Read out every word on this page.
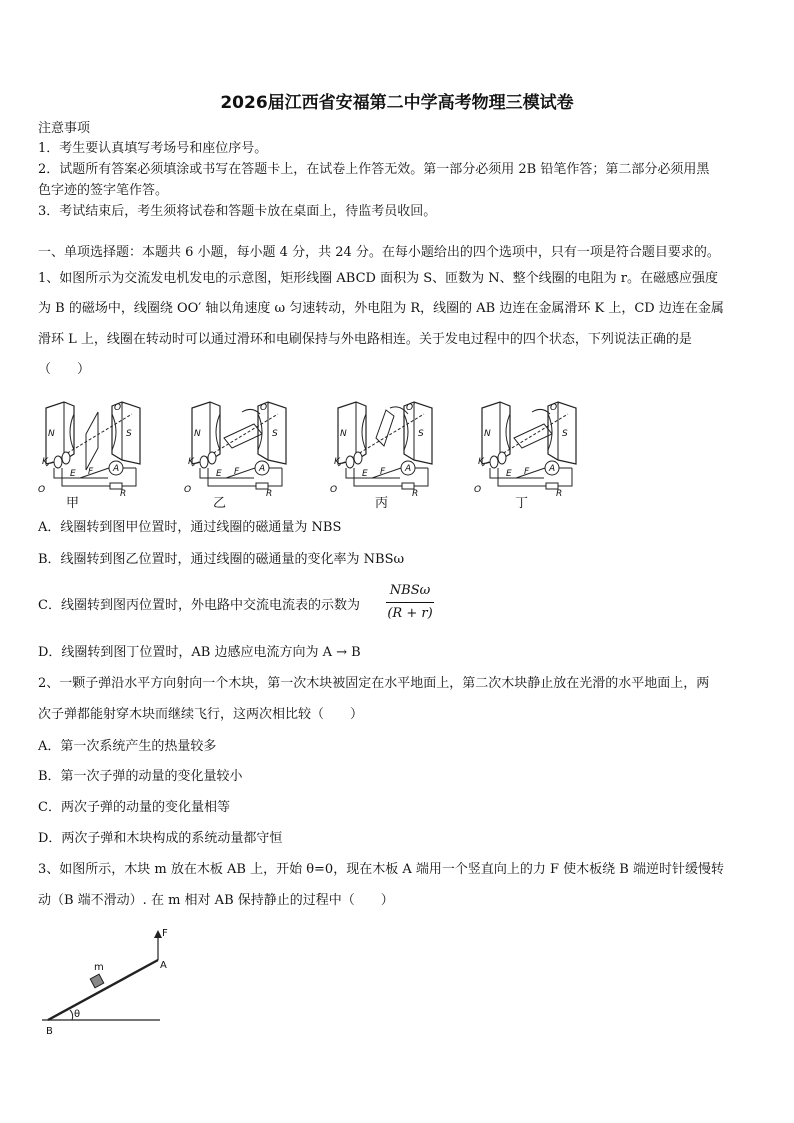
2026届江西省安福第二中学高考物理三模试卷
注意事项
1．考生要认真填写考场号和座位序号。
2．试题所有答案必须填涂或书写在答题卡上，在试卷上作答无效。第一部分必须用 2B 铅笔作答；第二部分必须用黑
色字迹的签字笔作答。
3．考试结束后，考生须将试卷和答题卡放在桌面上，待监考员收回。
一、单项选择题：本题共 6 小题，每小题 4 分，共 24 分。在每小题给出的四个选项中，只有一项是符合题目要求的。
1、如图所示为交流发电机发电的示意图，矩形线圈 ABCD 面积为 S、匝数为 N、整个线圈的电阻为 r。在磁感应强度
为 B 的磁场中，线圈绕 OO′ 轴以角速度 ω 匀速转动，外电阻为 R，线圈的 AB 边连在金属滑环 K 上，CD 边连在金属
滑环 L 上，线圈在转动时可以通过滑环和电刷保持与外电路相连。关于发电过程中的四个状态，下列说法正确的是
（　　）
N	S
O
O′
K
E F
R
A
N	S
O
O′
K
E F
R
A
N	S
O
O′
K
E F
R
A
N	S
O
O′
K
E F
R
A
甲	乙	丙	丁
A．线圈转到图甲位置时，通过线圈的磁通量为 NBS
B．线圈转到图乙位置时，通过线圈的磁通量的变化率为 NBSω
C．线圈转到图丙位置时，外电路中交流电流表的示数为
NBSω
(R + r)
D．线圈转到图丁位置时，AB 边感应电流方向为 A → B
2、一颗子弹沿水平方向射向一个木块，第一次木块被固定在水平地面上，第二次木块静止放在光滑的水平地面上，两
次子弹都能射穿木块而继续飞行，这两次相比较（　　）
A．第一次系统产生的热量较多
B．第一次子弹的动量的变化量较小
C．两次子弹的动量的变化量相等
D．两次子弹和木块构成的系统动量都守恒
3、如图所示，木块 m 放在木板 AB 上，开始 θ=0，现在木板 A 端用一个竖直向上的力 F 使木板绕 B 端逆时针缓慢转
动（B 端不滑动）. 在 m 相对 AB 保持静止的过程中（　　）
F
m	A
B
θ
